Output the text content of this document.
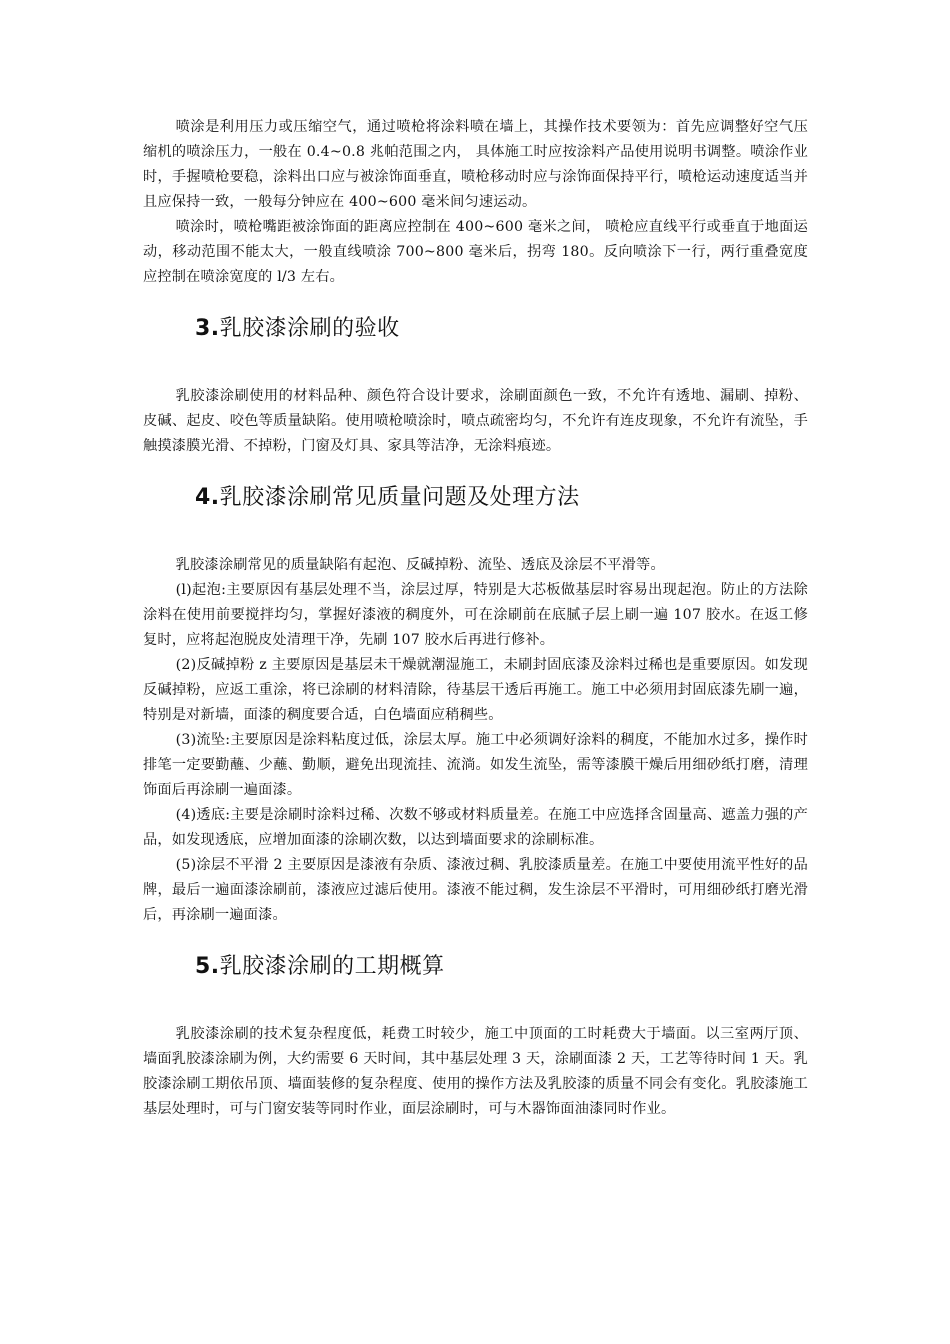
喷涂是利用压力或压缩空气，通过喷枪将涂料喷在墙上，其操作技术要领为：首先应调整好空气压缩机的喷涂压力，一般在 0.4~0.8 兆帕范围之内， 具体施工时应按涂料产品使用说明书调整。喷涂作业时，手握喷枪要稳，涂料出口应与被涂饰面垂直，喷枪移动时应与涂饰面保持平行，喷枪运动速度适当并且应保持一致，一般每分钟应在 400~600 毫米间匀速运动。

喷涂时，喷枪嘴距被涂饰面的距离应控制在 400~600 毫米之间， 喷枪应直线平行或垂直于地面运动，移动范围不能太大，一般直线喷涂 700~800 毫米后，拐弯 180。反向喷涂下一行，两行重叠宽度应控制在喷涂宽度的 l/3 左右。

3.乳胶漆涂刷的验收

乳胶漆涂刷使用的材料品种、颜色符合设计要求，涂刷面颜色一致，不允许有透地、漏刷、掉粉、皮碱、起皮、咬色等质量缺陷。使用喷枪喷涂时，喷点疏密均匀，不允许有连皮现象，不允许有流坠，手触摸漆膜光滑、不掉粉，门窗及灯具、家具等洁净，无涂料痕迹。

4.乳胶漆涂刷常见质量问题及处理方法

乳胶漆涂刷常见的质量缺陷有起泡、反碱掉粉、流坠、透底及涂层不平滑等。

(l)起泡:主要原因有基层处理不当，涂层过厚，特别是大芯板做基层时容易出现起泡。防止的方法除涂料在使用前要搅拌均匀，掌握好漆液的稠度外，可在涂刷前在底腻子层上刷一遍 107 胶水。在返工修复时，应将起泡脱皮处清理干净，先刷 107 胶水后再进行修补。

(2)反碱掉粉 z 主要原因是基层未干燥就潮湿施工，未刷封固底漆及涂料过稀也是重要原因。如发现反碱掉粉，应返工重涂，将已涂刷的材料清除，待基层干透后再施工。施工中必须用封固底漆先刷一遍，特别是对新墙，面漆的稠度要合适，白色墙面应稍稠些。

(3)流坠:主要原因是涂料粘度过低，涂层太厚。施工中必须调好涂料的稠度，不能加水过多，操作时排笔一定要勤蘸、少蘸、勤顺，避免出现流挂、流淌。如发生流坠，需等漆膜干燥后用细砂纸打磨，清理饰面后再涂刷一遍面漆。

(4)透底:主要是涂刷时涂料过稀、次数不够或材料质量差。在施工中应选择含固量高、遮盖力强的产品，如发现透底，应增加面漆的涂刷次数，以达到墙面要求的涂刷标准。

(5)涂层不平滑 2 主要原因是漆液有杂质、漆液过稠、乳胶漆质量差。在施工中要使用流平性好的品牌，最后一遍面漆涂刷前，漆液应过滤后使用。漆液不能过稠，发生涂层不平滑时，可用细砂纸打磨光滑后，再涂刷一遍面漆。

5.乳胶漆涂刷的工期概算

乳胶漆涂刷的技术复杂程度低，耗费工时较少，施工中顶面的工时耗费大于墙面。以三室两厅顶、墙面乳胶漆涂刷为例，大约需要 6 天时间，其中基层处理 3 天，涂刷面漆 2 天，工艺等待时间 1 天。乳胶漆涂刷工期依吊顶、墙面装修的复杂程度、使用的操作方法及乳胶漆的质量不同会有变化。乳胶漆施工基层处理时，可与门窗安装等同时作业，面层涂刷时，可与木器饰面油漆同时作业。
